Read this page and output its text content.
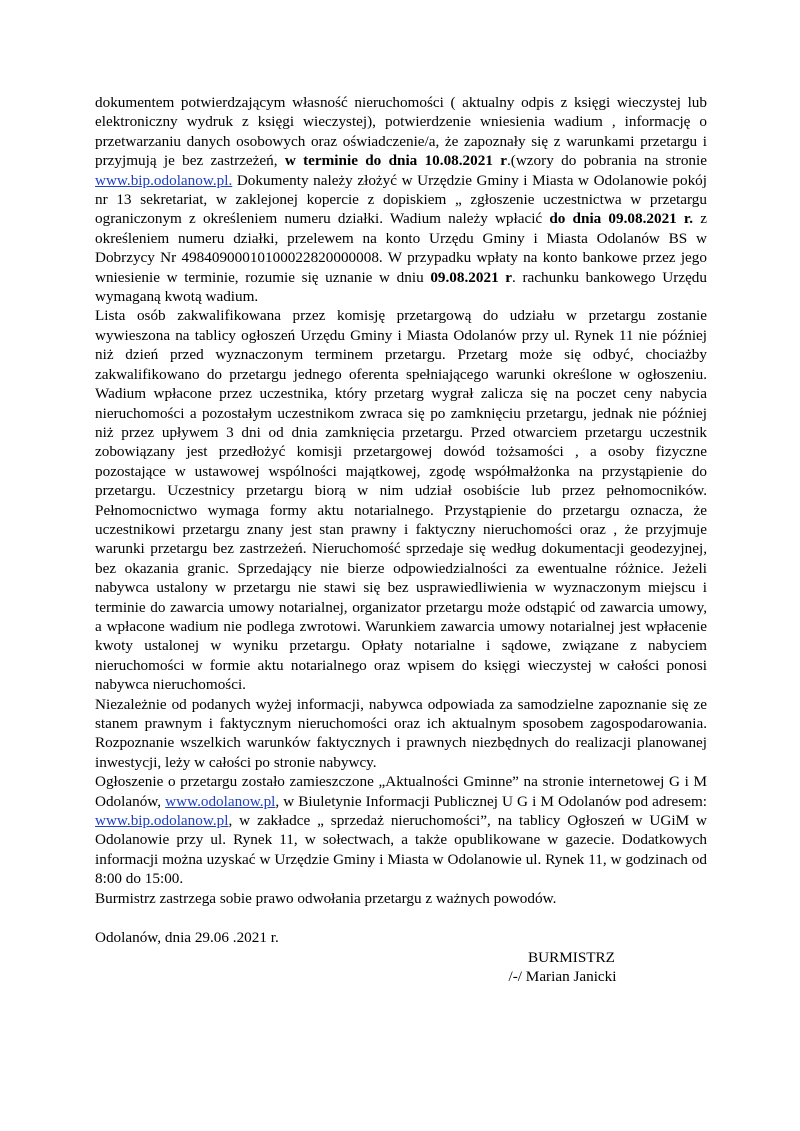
dokumentem potwierdzającym własność nieruchomości ( aktualny odpis z księgi wieczystej lub elektroniczny wydruk z księgi wieczystej), potwierdzenie wniesienia wadium , informację o przetwarzaniu danych osobowych oraz oświadczenie/a, że zapoznały się z warunkami przetargu i przyjmują je bez zastrzeżeń, w terminie do dnia 10.08.2021 r.(wzory do pobrania na stronie www.bip.odolanow.pl. Dokumenty należy złożyć w Urzędzie Gminy i Miasta w Odolanowie pokój nr 13 sekretariat, w zaklejonej kopercie z dopiskiem „ zgłoszenie uczestnictwa w przetargu ograniczonym z określeniem numeru działki. Wadium należy wpłacić do dnia 09.08.2021 r. z określeniem numeru działki, przelewem na konto Urzędu Gminy i Miasta Odolanów BS w Dobrzycy Nr 49840900010100022820000008. W przypadku wpłaty na konto bankowe przez jego wniesienie w terminie, rozumie się uznanie w dniu 09.08.2021 r. rachunku bankowego Urzędu wymaganą kwotą wadium.

Lista osób zakwalifikowana przez komisję przetargową do udziału w przetargu zostanie wywieszona na tablicy ogłoszeń Urzędu Gminy i Miasta Odolanów przy ul. Rynek 11 nie później niż dzień przed wyznaczonym terminem przetargu. Przetarg może się odbyć, chociażby zakwalifikowano do przetargu jednego oferenta spełniającego warunki określone w ogłoszeniu. Wadium wpłacone przez uczestnika, który przetarg wygrał zalicza się na poczet ceny nabycia nieruchomości a pozostałym uczestnikom zwraca się po zamknięciu przetargu, jednak nie później niż przez upływem 3 dni od dnia zamknięcia przetargu. Przed otwarciem przetargu uczestnik zobowiązany jest przedłożyć komisji przetargowej dowód tożsamości , a osoby fizyczne pozostające w ustawowej wspólności majątkowej, zgodę współmałżonka na przystąpienie do przetargu. Uczestnicy przetargu biorą w nim udział osobiście lub przez pełnomocników. Pełnomocnictwo wymaga formy aktu notarialnego. Przystąpienie do przetargu oznacza, że uczestnikowi przetargu znany jest stan prawny i faktyczny nieruchomości oraz , że przyjmuje warunki przetargu bez zastrzeżeń. Nieruchomość sprzedaje się według dokumentacji geodezyjnej, bez okazania granic. Sprzedający nie bierze odpowiedzialności za ewentualne różnice. Jeżeli nabywca ustalony w przetargu nie stawi się bez usprawiedliwienia w wyznaczonym miejscu i terminie do zawarcia umowy notarialnej, organizator przetargu może odstąpić od zawarcia umowy, a wpłacone wadium nie podlega zwrotowi. Warunkiem zawarcia umowy notarialnej jest wpłacenie kwoty ustalonej w wyniku przetargu. Opłaty notarialne i sądowe, związane z nabyciem nieruchomości w formie aktu notarialnego oraz wpisem do księgi wieczystej w całości ponosi nabywca nieruchomości.

Niezależnie od podanych wyżej informacji, nabywca odpowiada za samodzielne zapoznanie się ze stanem prawnym i faktycznym nieruchomości oraz ich aktualnym sposobem zagospodarowania. Rozpoznanie wszelkich warunków faktycznych i prawnych niezbędnych do realizacji planowanej inwestycji, leży w całości po stronie nabywcy.

Ogłoszenie o przetargu zostało zamieszczone „Aktualności Gminne” na stronie internetowej G i M Odolanów, www.odolanow.pl, w Biuletynie Informacji Publicznej U G i M Odolanów pod adresem: www.bip.odolanow.pl, w zakładce „ sprzedaż nieruchomości”, na tablicy Ogłoszeń w UGiM w Odolanowie przy ul. Rynek 11, w sołectwach, a także opublikowane w gazecie. Dodatkowych informacji można uzyskać w Urzędzie Gminy i Miasta w Odolanowie ul. Rynek 11, w godzinach od 8:00 do 15:00.

Burmistrz zastrzega sobie prawo odwołania przetargu z ważnych powodów.

Odolanów, dnia 29.06 .2021 r.

BURMISTRZ
/-/ Marian Janicki
